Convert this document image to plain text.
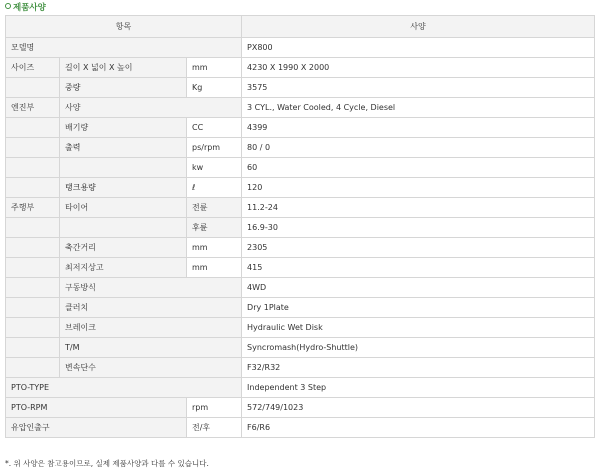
제품사양
항목			사양
모델명			PX800
사이즈	길이 X 넓이 X 높이	mm	4230 X 1990 X 2000
	중량	Kg	3575
엔진부	사양		3 CYL., Water Cooled, 4 Cycle, Diesel
	배기량	CC	4399
	출력	ps/rpm	80 / 0
		kw	60
	탱크용량	ℓ	120
주행부	타이어	전륜	11.2-24
		후륜	16.9-30
	축간거리	mm	2305
	최저지상고	mm	415
	구동방식		4WD
	클러치		Dry 1Plate
	브레이크		Hydraulic Wet Disk
	T/M		Syncromash(Hydro-Shuttle)
	변속단수		F32/R32
PTO-TYPE			Independent 3 Step
PTO-RPM		rpm	572/749/1023
유압인출구		전/후	F6/R6
*. 위 사양은 참고용이므로, 실제 제품사양과 다를 수 있습니다.
